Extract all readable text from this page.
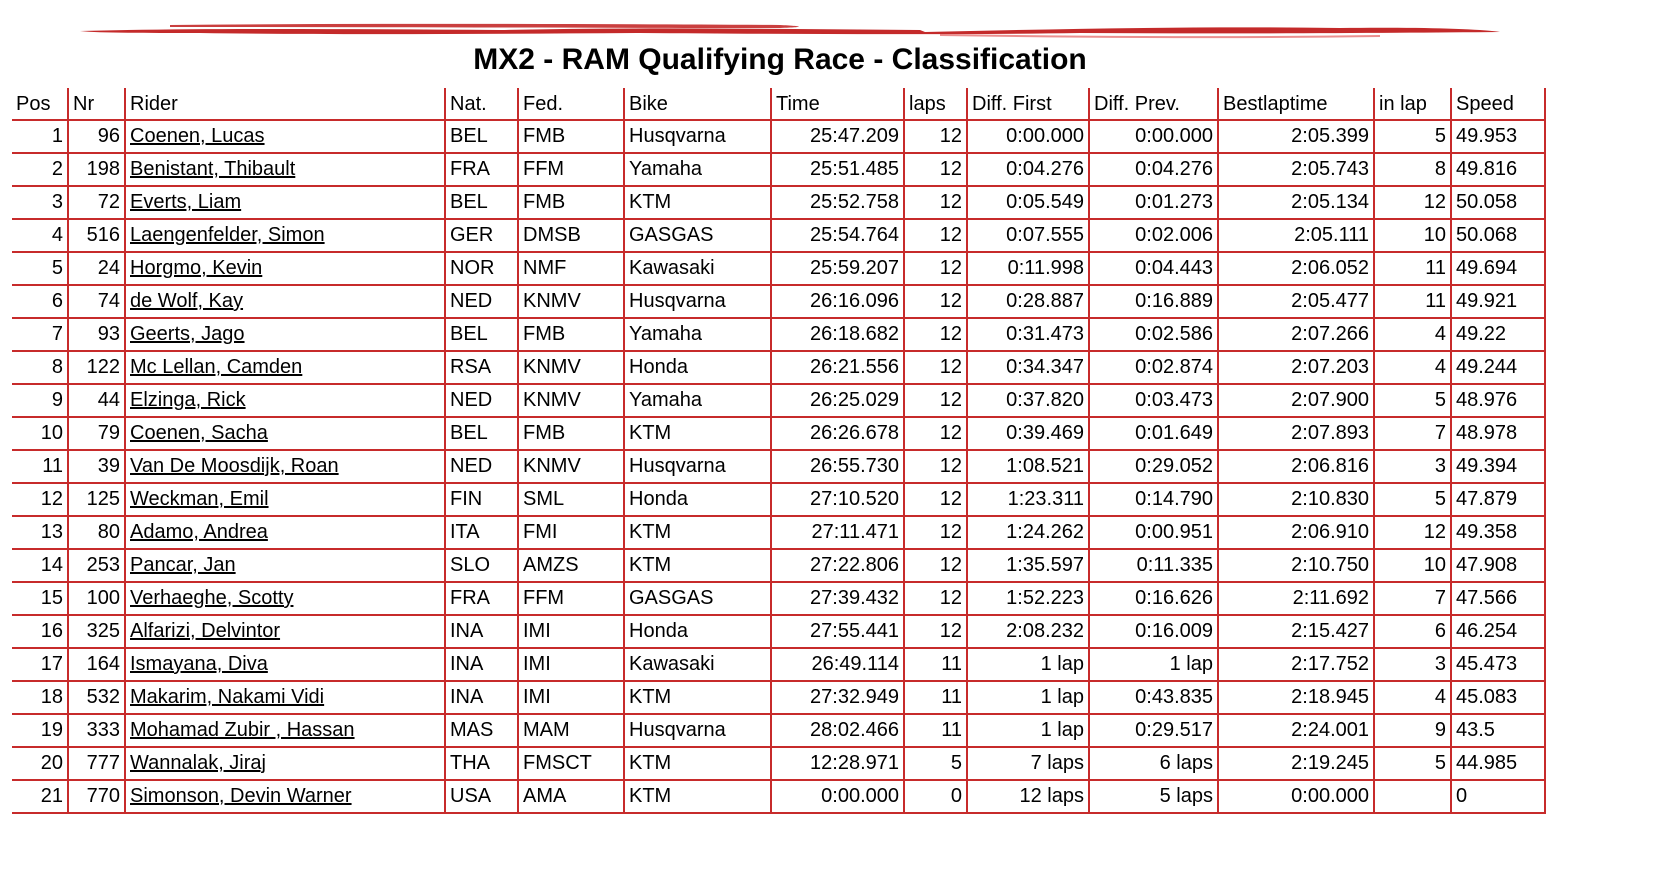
MX2 - RAM Qualifying Race - Classification
Pos	Nr	Rider	Nat.	Fed.	Bike	Time	laps	Diff. First	Diff. Prev.	Bestlaptime	in lap	Speed
1	96	Coenen, Lucas	BEL	FMB	Husqvarna	25:47.209	12	0:00.000	0:00.000	2:05.399	5	49.953
2	198	Benistant, Thibault	FRA	FFM	Yamaha	25:51.485	12	0:04.276	0:04.276	2:05.743	8	49.816
3	72	Everts, Liam	BEL	FMB	KTM	25:52.758	12	0:05.549	0:01.273	2:05.134	12	50.058
4	516	Laengenfelder, Simon	GER	DMSB	GASGAS	25:54.764	12	0:07.555	0:02.006	2:05.111	10	50.068
5	24	Horgmo, Kevin	NOR	NMF	Kawasaki	25:59.207	12	0:11.998	0:04.443	2:06.052	11	49.694
6	74	de Wolf, Kay	NED	KNMV	Husqvarna	26:16.096	12	0:28.887	0:16.889	2:05.477	11	49.921
7	93	Geerts, Jago	BEL	FMB	Yamaha	26:18.682	12	0:31.473	0:02.586	2:07.266	4	49.22
8	122	Mc Lellan, Camden	RSA	KNMV	Honda	26:21.556	12	0:34.347	0:02.874	2:07.203	4	49.244
9	44	Elzinga, Rick	NED	KNMV	Yamaha	26:25.029	12	0:37.820	0:03.473	2:07.900	5	48.976
10	79	Coenen, Sacha	BEL	FMB	KTM	26:26.678	12	0:39.469	0:01.649	2:07.893	7	48.978
11	39	Van De Moosdijk, Roan	NED	KNMV	Husqvarna	26:55.730	12	1:08.521	0:29.052	2:06.816	3	49.394
12	125	Weckman, Emil	FIN	SML	Honda	27:10.520	12	1:23.311	0:14.790	2:10.830	5	47.879
13	80	Adamo, Andrea	ITA	FMI	KTM	27:11.471	12	1:24.262	0:00.951	2:06.910	12	49.358
14	253	Pancar, Jan	SLO	AMZS	KTM	27:22.806	12	1:35.597	0:11.335	2:10.750	10	47.908
15	100	Verhaeghe, Scotty	FRA	FFM	GASGAS	27:39.432	12	1:52.223	0:16.626	2:11.692	7	47.566
16	325	Alfarizi, Delvintor	INA	IMI	Honda	27:55.441	12	2:08.232	0:16.009	2:15.427	6	46.254
17	164	Ismayana, Diva	INA	IMI	Kawasaki	26:49.114	11	1 lap	1 lap	2:17.752	3	45.473
18	532	Makarim, Nakami Vidi	INA	IMI	KTM	27:32.949	11	1 lap	0:43.835	2:18.945	4	45.083
19	333	Mohamad Zubir , Hassan	MAS	MAM	Husqvarna	28:02.466	11	1 lap	0:29.517	2:24.001	9	43.5
20	777	Wannalak, Jiraj	THA	FMSCT	KTM	12:28.971	5	7 laps	6 laps	2:19.245	5	44.985
21	770	Simonson, Devin Warner	USA	AMA	KTM	0:00.000	0	12 laps	5 laps	0:00.000		0
